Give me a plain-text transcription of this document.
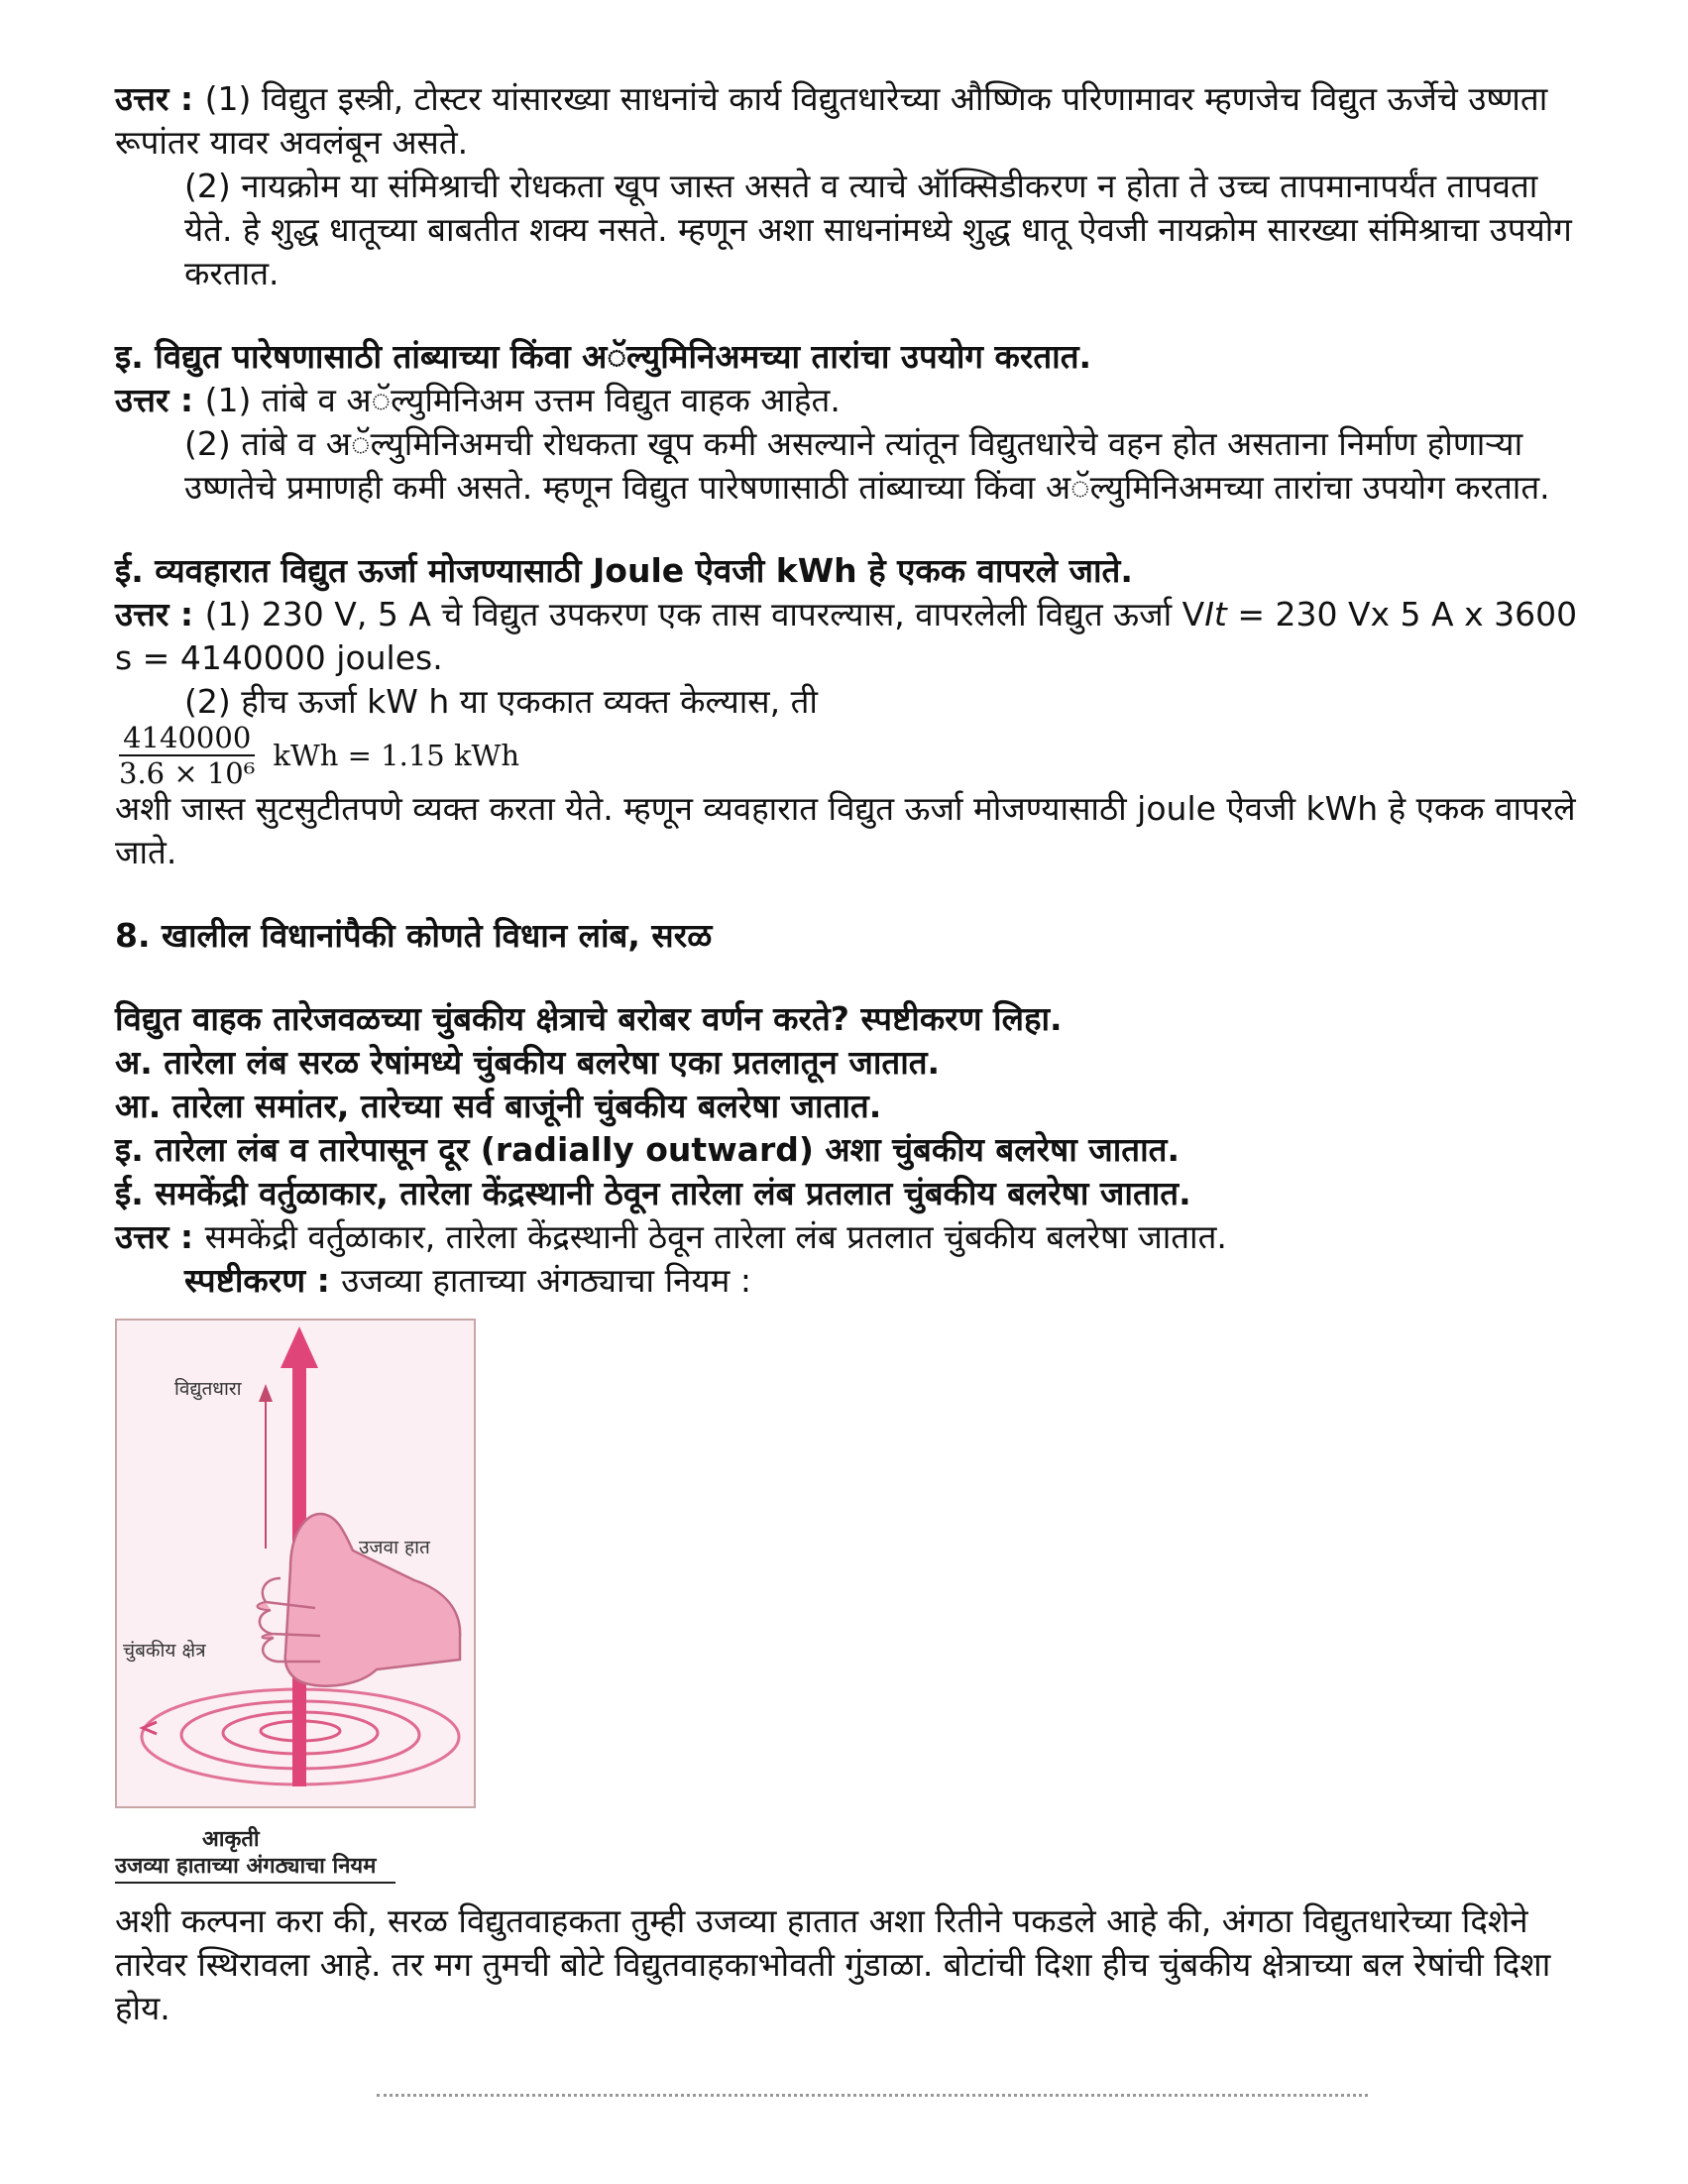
उत्तर : (1) विद्युत इस्त्री, टोस्टर यांसारख्या साधनांचे कार्य विद्युतधारेच्या औष्णिक परिणामावर म्हणजेच विद्युत ऊर्जेचे उष्णता रूपांतर यावर अवलंबून असते.

(2) नायक्रोम या संमिश्राची रोधकता खूप जास्त असते व त्याचे ऑक्सिडीकरण न होता ते उच्च तापमानापर्यंत तापवता येते. हे शुद्ध धातूच्या बाबतीत शक्य नसते. म्हणून अशा साधनांमध्ये शुद्ध धातू ऐवजी नायक्रोम सारख्या संमिश्राचा उपयोग करतात.

इ. विद्युत पारेषणासाठी तांब्याच्या किंवा अॅल्युमिनिअमच्या तारांचा उपयोग करतात.

उत्तर : (1) तांबे व अॅल्युमिनिअम उत्तम विद्युत वाहक आहेत.

(2) तांबे व अॅल्युमिनिअमची रोधकता खूप कमी असल्याने त्यांतून विद्युतधारेचे वहन होत असताना निर्माण होणाऱ्या उष्णतेचे प्रमाणही कमी असते. म्हणून विद्युत पारेषणासाठी तांब्याच्या किंवा अॅल्युमिनिअमच्या तारांचा उपयोग करतात.

ई. व्यवहारात विद्युत ऊर्जा मोजण्यासाठी Joule ऐवजी kWh हे एकक वापरले जाते.

उत्तर : (1) 230 V, 5 A चे विद्युत उपकरण एक तास वापरल्यास, वापरलेली विद्युत ऊर्जा VIt = 230 Vx 5 A x 3600 s = 4140000 joules.

(2) हीच ऊर्जा kW h या एककात व्यक्त केल्यास, ती

$\frac{4140000}{\text{3.6 × 10⁶}}$ kWh = 1.15 kWh

अशी जास्त सुटसुटीतपणे व्यक्त करता येते. म्हणून व्यवहारात विद्युत ऊर्जा मोजण्यासाठी joule ऐवजी kWh हे एकक वापरले जाते.

8. खालील विधानांपैकी कोणते विधान लांब, सरळ

विद्युत वाहक तारेजवळच्या चुंबकीय क्षेत्राचे बरोबर वर्णन करते? स्पष्टीकरण लिहा.

अ. तारेला लंब सरळ रेषांमध्ये चुंबकीय बलरेषा एका प्रतलातून जातात.

आ. तारेला समांतर, तारेच्या सर्व बाजूंनी चुंबकीय बलरेषा जातात.

इ. तारेला लंब व तारेपासून दूर (radially outward) अशा चुंबकीय बलरेषा जातात.

ई. समकेंद्री वर्तुळाकार, तारेला केंद्रस्थानी ठेवून तारेला लंब प्रतलात चुंबकीय बलरेषा जातात.

उत्तर : समकेंद्री वर्तुळाकार, तारेला केंद्रस्थानी ठेवून तारेला लंब प्रतलात चुंबकीय बलरेषा जातात.

स्पष्टीकरण : उजव्या हाताच्या अंगठ्याचा नियम :

विद्युतधारा
उजवा हात
चुंबकीय क्षेत्र
आकृती
उजव्या हाताच्या अंगठ्याचा नियम

अशी कल्पना करा की, सरळ विद्युतवाहकता तुम्ही उजव्या हातात अशा रितीने पकडले आहे की, अंगठा विद्युतधारेच्या दिशेने तारेवर स्थिरावला आहे. तर मग तुमची बोटे विद्युतवाहकाभोवती गुंडाळा. बोटांची दिशा हीच चुंबकीय क्षेत्राच्या बल रेषांची दिशा होय.
